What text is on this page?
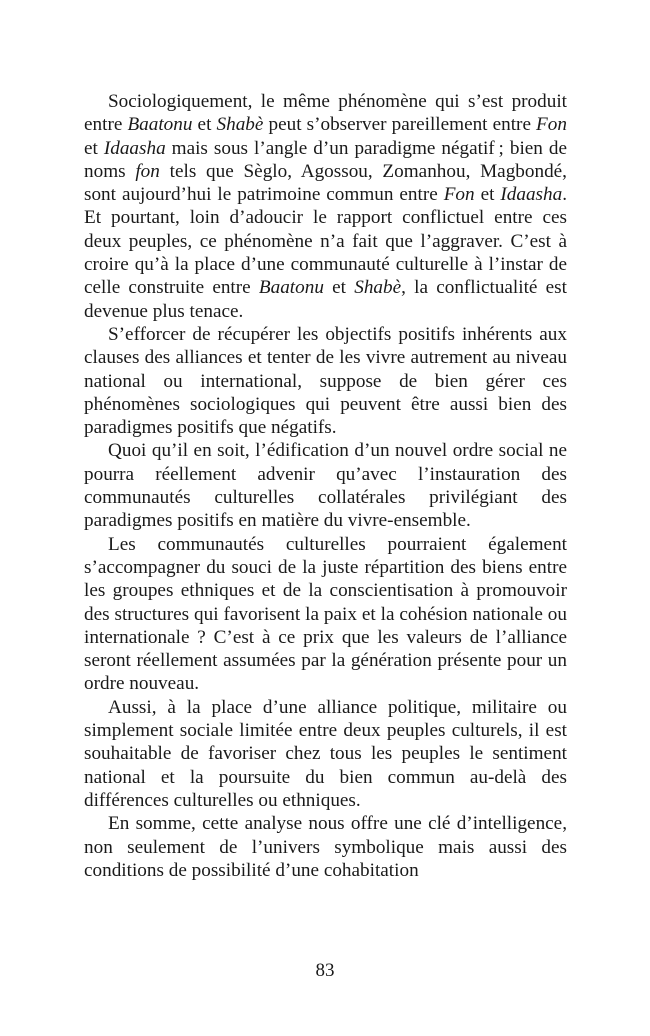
Sociologiquement, le même phénomène qui s’est produit entre Baatonu et Shabè peut s’observer pareillement entre Fon et Idaasha mais sous l’angle d’un paradigme négatif ; bien de noms fon tels que Sèglo, Agossou, Zomanhou, Magbondé, sont aujourd’hui le patrimoine commun entre Fon et Idaasha. Et pourtant, loin d’adoucir le rapport conflictuel entre ces deux peuples, ce phénomène n’a fait que l’aggraver. C’est à croire qu’à la place d’une communauté culturelle à l’instar de celle construite entre Baatonu et Shabè, la conflictualité est devenue plus tenace.

S’efforcer de récupérer les objectifs positifs inhérents aux clauses des alliances et tenter de les vivre autrement au niveau national ou international, suppose de bien gérer ces phénomènes sociologiques qui peuvent être aussi bien des paradigmes positifs que négatifs.

Quoi qu’il en soit, l’édification d’un nouvel ordre social ne pourra réellement advenir qu’avec l’instauration des communautés culturelles collatérales privilégiant des paradigmes positifs en matière du vivre-ensemble.

Les communautés culturelles pourraient également s’accompagner du souci de la juste répartition des biens entre les groupes ethniques et de la conscientisation à promouvoir des structures qui favorisent la paix et la cohésion nationale ou internationale ? C’est à ce prix que les valeurs de l’alliance seront réellement assumées par la génération présente pour un ordre nouveau.

Aussi, à la place d’une alliance politique, militaire ou simplement sociale limitée entre deux peuples culturels, il est souhaitable de favoriser chez tous les peuples le sentiment national et la poursuite du bien commun au-delà des différences culturelles ou ethniques.

En somme, cette analyse nous offre une clé d’intelligence, non seulement de l’univers symbolique mais aussi des conditions de possibilité d’une cohabitation

83
